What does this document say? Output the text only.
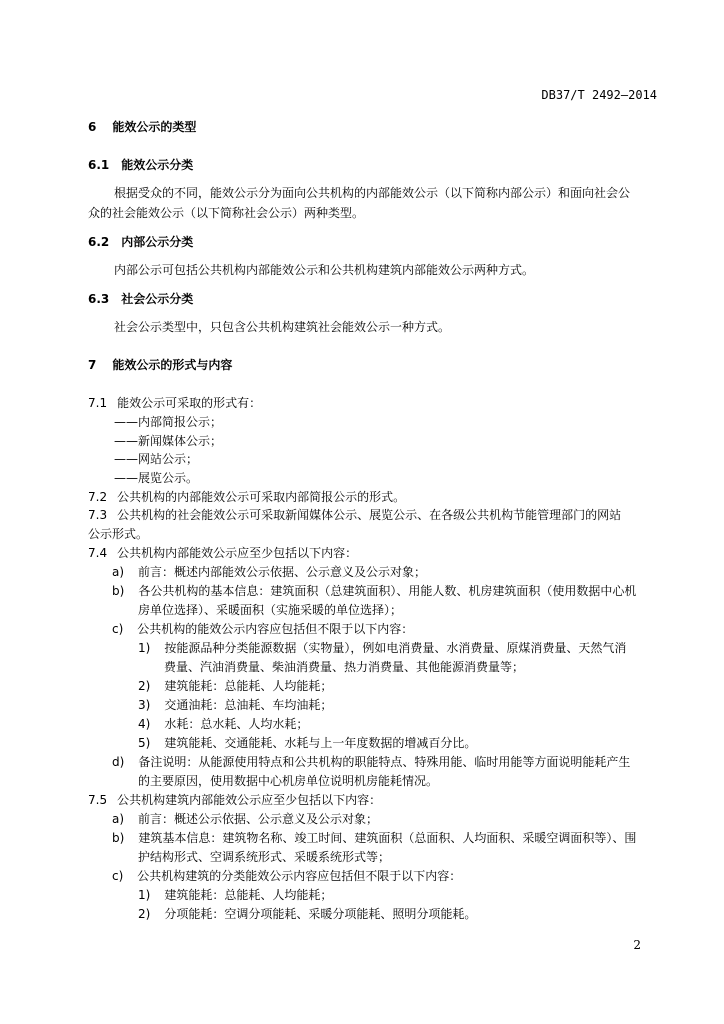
DB37/T 2492—2014
6 能效公示的类型
6.1 能效公示分类
根据受众的不同，能效公示分为面向公共机构的内部能效公示（以下简称内部公示）和面向社会公
众的社会能效公示（以下简称社会公示）两种类型。
6.2 内部公示分类
内部公示可包括公共机构内部能效公示和公共机构建筑内部能效公示两种方式。
6.3 社会公示分类
社会公示类型中，只包含公共机构建筑社会能效公示一种方式。
7 能效公示的形式与内容
7.1 能效公示可采取的形式有：
——内部简报公示；
——新闻媒体公示；
——网站公示；
——展览公示。
7.2 公共机构的内部能效公示可采取内部简报公示的形式。
7.3 公共机构的社会能效公示可采取新闻媒体公示、展览公示、在各级公共机构节能管理部门的网站
公示形式。
7.4 公共机构内部能效公示应至少包括以下内容：
a) 前言：概述内部能效公示依据、公示意义及公示对象；
b) 各公共机构的基本信息：建筑面积（总建筑面积）、用能人数、机房建筑面积（使用数据中心机
房单位选择）、采暖面积（实施采暖的单位选择）；
c) 公共机构的能效公示内容应包括但不限于以下内容：
1) 按能源品种分类能源数据（实物量），例如电消费量、水消费量、原煤消费量、天然气消
费量、汽油消费量、柴油消费量、热力消费量、其他能源消费量等；
2) 建筑能耗：总能耗、人均能耗；
3) 交通油耗：总油耗、车均油耗；
4) 水耗：总水耗、人均水耗；
5) 建筑能耗、交通能耗、水耗与上一年度数据的增减百分比。
d) 备注说明：从能源使用特点和公共机构的职能特点、特殊用能、临时用能等方面说明能耗产生
的主要原因，使用数据中心机房单位说明机房能耗情况。
7.5 公共机构建筑内部能效公示应至少包括以下内容：
a) 前言：概述公示依据、公示意义及公示对象；
b) 建筑基本信息：建筑物名称、竣工时间、建筑面积（总面积、人均面积、采暖空调面积等）、围
护结构形式、空调系统形式、采暖系统形式等；
c) 公共机构建筑的分类能效公示内容应包括但不限于以下内容：
1) 建筑能耗：总能耗、人均能耗；
2) 分项能耗：空调分项能耗、采暖分项能耗、照明分项能耗。
2
